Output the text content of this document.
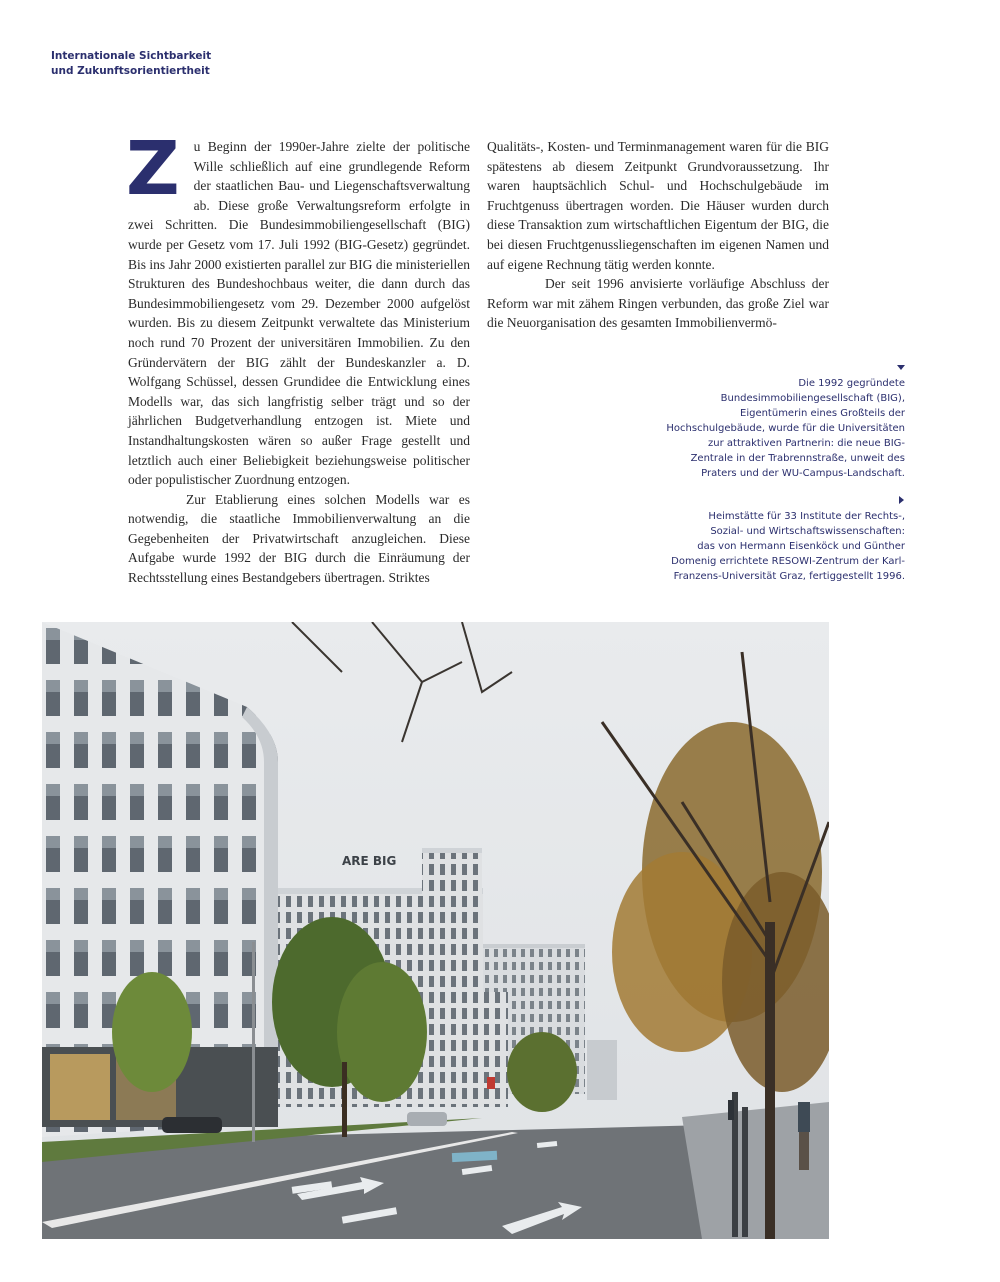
Internationale Sichtbarkeit
und Zukunftsorientiertheit
Z	u Beginn der 1990er-Jahre zielte der politische Wille schließlich auf eine grundlegende Reform der staatlichen Bau- und Liegenschaftsverwaltung ab. Diese große Verwaltungsreform erfolgte in zwei Schritten. Die Bundesimmobiliengesellschaft (BIG) wurde per Gesetz vom 17. Juli 1992 (BIG-Gesetz) gegründet. Bis ins Jahr 2000 existierten parallel zur BIG die ministeriellen Strukturen des Bundeshochbaus weiter, die dann durch das Bundesimmobiliengesetz vom 29. Dezember 2000 aufgelöst wurden. Bis zu diesem Zeitpunkt verwaltete das Ministerium noch rund 70 Prozent der universitären Immobilien. Zu den Gründervätern der BIG zählt der Bundeskanzler a. D. Wolfgang Schüssel, dessen Grundidee die Entwicklung eines Modells war, das sich langfristig selber trägt und so der jährlichen Budgetverhandlung entzogen ist. Miete und Instandhaltungskosten wären so außer Frage gestellt und letztlich auch einer Beliebigkeit beziehungsweise politischer oder populistischer Zuordnung entzogen.

Zur Etablierung eines solchen Modells war es notwendig, die staatliche Immobilienverwaltung an die Gegebenheiten der Privatwirtschaft anzugleichen. Diese Aufgabe wurde 1992 der BIG durch die Einräumung der Rechtsstellung eines Bestandgebers übertragen. Striktes

Qualitäts-, Kosten- und Terminmanagement waren für die BIG spätestens ab diesem Zeitpunkt Grundvoraussetzung. Ihr waren hauptsächlich Schul- und Hochschulgebäude im Fruchtgenuss übertragen worden. Die Häuser wurden durch diese Transaktion zum wirtschaftlichen Eigentum der BIG, die bei diesen Fruchtgenussliegenschaften im eigenen Namen und auf eigene Rechnung tätig werden konnte.

Der seit 1996 anvisierte vorläufige Abschluss der Reform war mit zähem Ringen verbunden, das große Ziel war die Neuorganisation des gesamten Immobilienvermö-

Die 1992 gegründete
Bundesimmobiliengesellschaft (BIG),
Eigentümerin eines Großteils der
Hochschulgebäude, wurde für die Universitäten
zur attraktiven Partnerin: die neue BIG-
Zentrale in der Trabrennstraße, unweit des
Praters und der WU-Campus-Landschaft.
Heimstätte für 33 Institute der Rechts-,
Sozial- und Wirtschaftswissenschaften:
das von Hermann Eisenköck und Günther
Domenig errichtete RESOWI-Zentrum der Karl-
Franzens-Universität Graz, fertiggestellt 1996.
ARE BIG
